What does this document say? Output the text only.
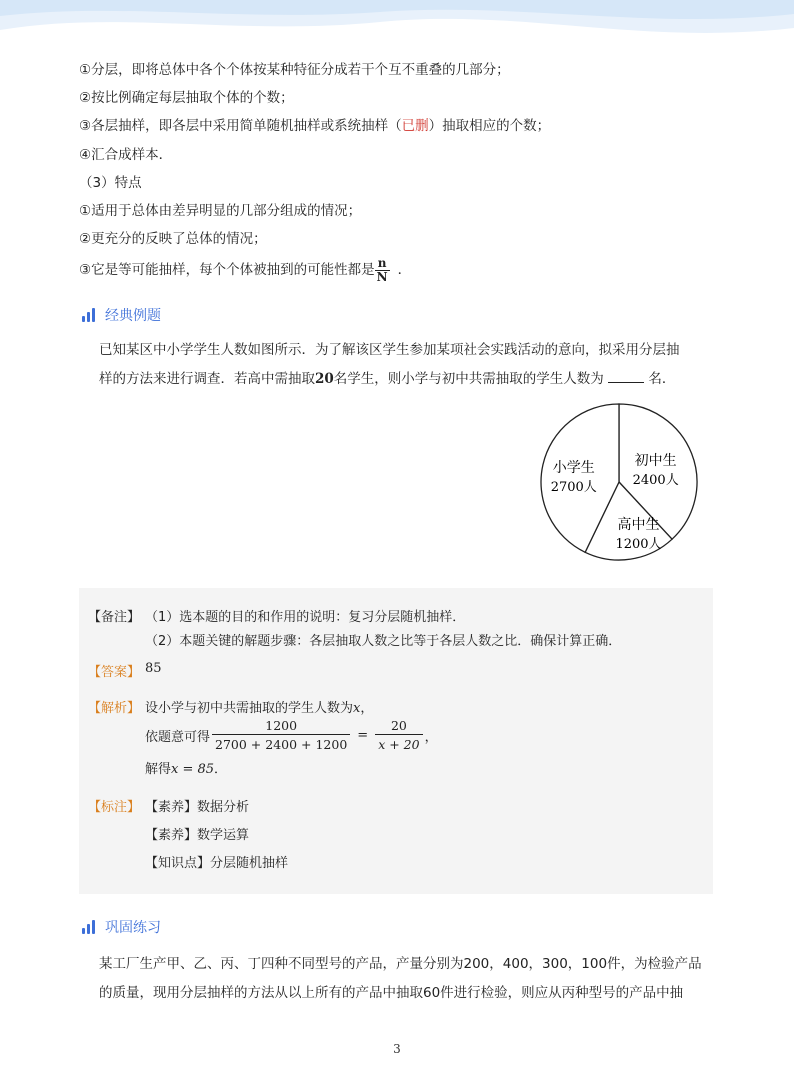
①分层，即将总体中各个个体按某种特征分成若干个互不重叠的几部分；
②按比例确定每层抽取个体的个数；
③各层抽样，即各层中采用简单随机抽样或系统抽样（已删）抽取相应的个数；
④汇合成样本．
（3）特点
①适用于总体由差异明显的几部分组成的情况；
②更充分的反映了总体的情况；
③它是等可能抽样，每个个体被抽到的可能性都是 $\frac{n}{N}$ ．
经典例题
已知某区中小学学生人数如图所示．为了解该区学生参加某项社会实践活动的意向，拟采用分层抽
样的方法来进行调查．若高中需抽取20名学生，则小学与初中共需抽取的学生人数为	名．
初中生
2400人
高中生
1200人
小学生
2700人
【备注】 （1）选本题的目的和作用的说明：复习分层随机抽样．
（2）本题关键的解题步骤：各层抽取人数之比等于各层人数之比．确保计算正确．
【答案】 85
【解析】 设小学与初中共需抽取的学生人数为x，
依题意可得 $\frac{1200}{2700 + 2400 + 1200} = \frac{20}{x + 20}$ ，
解得x = 85．
【标注】 【素养】数据分析
【素养】数学运算
【知识点】分层随机抽样
巩固练习
某工厂生产甲、乙、丙、丁四种不同型号的产品，产量分别为200，400，300，100件，为检验产品
的质量，现用分层抽样的方法从以上所有的产品中抽取60件进行检验，则应从丙种型号的产品中抽
3
